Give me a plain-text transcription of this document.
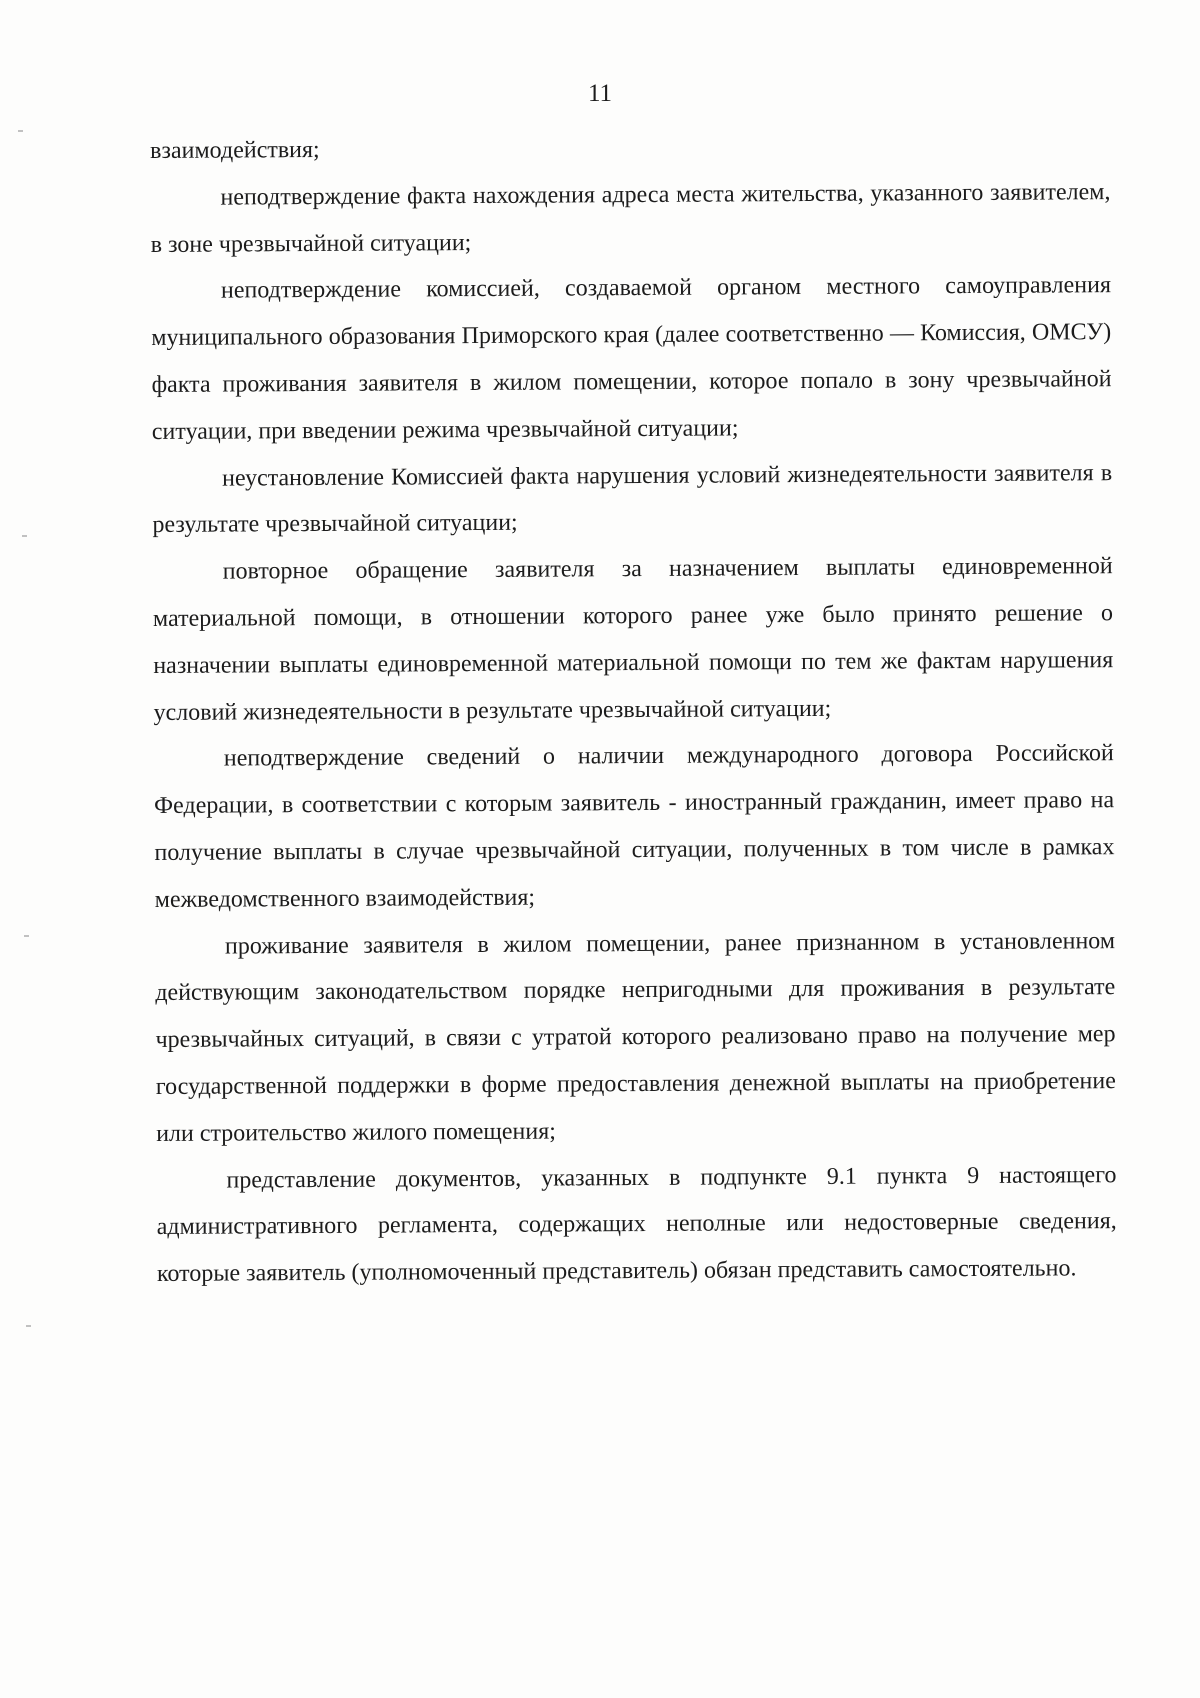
11

взаимодействия;

неподтверждение факта нахождения адреса места жительства, указанного заявителем, в зоне чрезвычайной ситуации;

неподтверждение комиссией, создаваемой органом местного самоуправления муниципального образования Приморского края (далее соответственно — Комиссия, ОМСУ) факта проживания заявителя в жилом помещении, которое попало в зону чрезвычайной ситуации, при введении режима чрезвычайной ситуации;

неустановление Комиссией факта нарушения условий жизнедеятельности заявителя в результате чрезвычайной ситуации;

повторное обращение заявителя за назначением выплаты единовременной материальной помощи, в отношении которого ранее уже было принято решение о назначении выплаты единовременной материальной помощи по тем же фактам нарушения условий жизнедеятельности в результате чрезвычайной ситуации;

неподтверждение сведений о наличии международного договора Российской Федерации, в соответствии с которым заявитель - иностранный гражданин, имеет право на получение выплаты в случае чрезвычайной ситуации, полученных в том числе в рамках межведомственного взаимодействия;

проживание заявителя в жилом помещении, ранее признанном в установленном действующим законодательством порядке непригодными для проживания в результате чрезвычайных ситуаций, в связи с утратой которого реализовано право на получение мер государственной поддержки в форме предоставления денежной выплаты на приобретение или строительство жилого помещения;

представление документов, указанных в подпункте 9.1 пункта 9 настоящего административного регламента, содержащих неполные или недостоверные сведения, которые заявитель (уполномоченный представитель) обязан представить самостоятельно.
